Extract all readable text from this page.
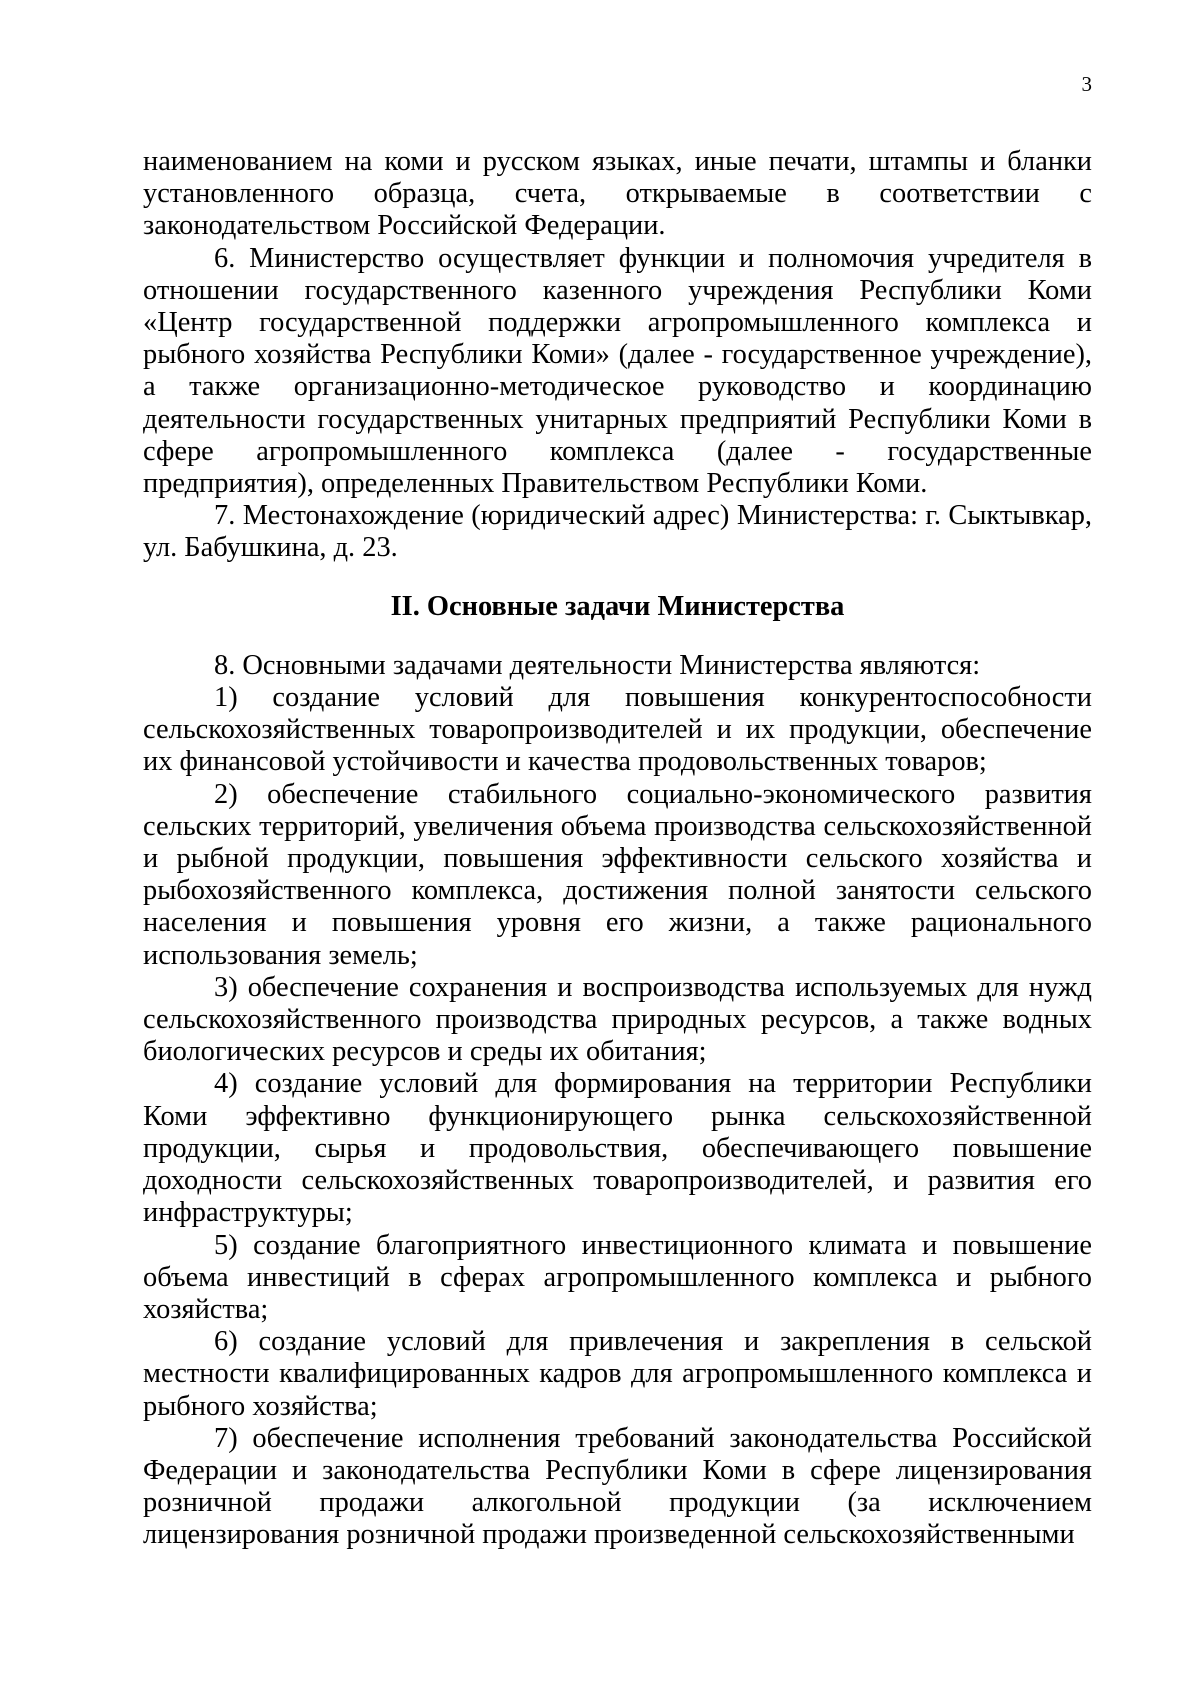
3

наименованием на коми и русском языках, иные печати, штампы и бланки установленного образца, счета, открываемые в соответствии с законодательством Российской Федерации.

6. Министерство осуществляет функции и полномочия учредителя в отношении государственного казенного учреждения Республики Коми «Центр государственной поддержки агропромышленного комплекса и рыбного хозяйства Республики Коми» (далее - государственное учреждение), а также организационно-методическое руководство и координацию деятельности государственных унитарных предприятий Республики Коми в сфере агропромышленного комплекса (далее - государственные предприятия), определенных Правительством Республики Коми.

7. Местонахождение (юридический адрес) Министерства: г. Сыктывкар, ул. Бабушкина, д. 23.

II. Основные задачи Министерства

8. Основными задачами деятельности Министерства являются:

1) создание условий для повышения конкурентоспособности сельскохозяйственных товаропроизводителей и их продукции, обеспечение их финансовой устойчивости и качества продовольственных товаров;

2) обеспечение стабильного социально-экономического развития сельских территорий, увеличения объема производства сельскохозяйственной и рыбной продукции, повышения эффективности сельского хозяйства и рыбохозяйственного комплекса, достижения полной занятости сельского населения и повышения уровня его жизни, а также рационального использования земель;

3) обеспечение сохранения и воспроизводства используемых для нужд сельскохозяйственного производства природных ресурсов, а также водных биологических ресурсов и среды их обитания;

4) создание условий для формирования на территории Республики Коми эффективно функционирующего рынка сельскохозяйственной продукции, сырья и продовольствия, обеспечивающего повышение доходности сельскохозяйственных товаропроизводителей, и развития его инфраструктуры;

5) создание благоприятного инвестиционного климата и повышение объема инвестиций в сферах агропромышленного комплекса и рыбного хозяйства;

6) создание условий для привлечения и закрепления в сельской местности квалифицированных кадров для агропромышленного комплекса и рыбного хозяйства;

7) обеспечение исполнения требований законодательства Российской Федерации и законодательства Республики Коми в сфере лицензирования розничной продажи алкогольной продукции (за исключением лицензирования розничной продажи произведенной сельскохозяйственными
